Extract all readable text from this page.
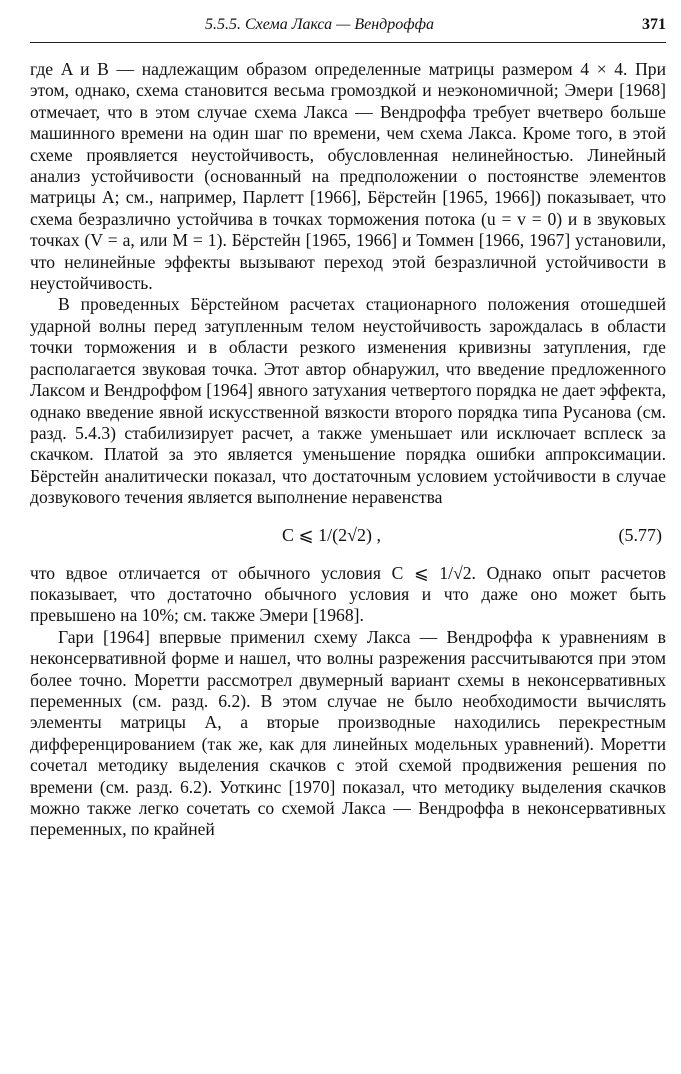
5.5.5. Схема Лакса — Вендроффа	371

где A и B — надлежащим образом определенные матрицы размером 4 × 4. При этом, однако, схема становится весьма громоздкой и неэкономичной; Эмери [1968] отмечает, что в этом случае схема Лакса — Вендроффа требует вчетверо больше машинного времени на один шаг по времени, чем схема Лакса. Кроме того, в этой схеме проявляется неустойчивость, обусловленная нелинейностью. Линейный анализ устойчивости (основанный на предположении о постоянстве элементов матрицы A; см., например, Парлетт [1966], Бёрстейн [1965, 1966]) показывает, что схема безразлично устойчива в точках торможения потока (u = v = 0) и в звуковых точках (V = a, или M = 1). Бёрстейн [1965, 1966] и Томмен [1966, 1967] установили, что нелинейные эффекты вызывают переход этой безразличной устойчивости в неустойчивость.

В проведенных Бёрстейном расчетах стационарного положения отошедшей ударной волны перед затупленным телом неустойчивость зарождалась в области точки торможения и в области резкого изменения кривизны затупления, где располагается звуковая точка. Этот автор обнаружил, что введение предложенного Лаксом и Вендроффом [1964] явного затухания четвертого порядка не дает эффекта, однако введение явной искусственной вязкости второго порядка типа Русанова (см. разд. 5.4.3) стабилизирует расчет, а также уменьшает или исключает всплеск за скачком. Платой за это является уменьшение порядка ошибки аппроксимации. Бёрстейн аналитически показал, что достаточным условием устойчивости в случае дозвукового течения является выполнение неравенства

C ⩽ 1/(2√2) ,	(5.77)

что вдвое отличается от обычного условия C ⩽ 1/√2. Однако опыт расчетов показывает, что достаточно обычного условия и что даже оно может быть превышено на 10%; см. также Эмери [1968].

Гари [1964] впервые применил схему Лакса — Вендроффа к уравнениям в неконсервативной форме и нашел, что волны разрежения рассчитываются при этом более точно. Моретти рассмотрел двумерный вариант схемы в неконсервативных переменных (см. разд. 6.2). В этом случае не было необходимости вычислять элементы матрицы A, а вторые производные находились перекрестным дифференцированием (так же, как для линейных модельных уравнений). Моретти сочетал методику выделения скачков с этой схемой продвижения решения по времени (см. разд. 6.2). Уоткинс [1970] показал, что методику выделения скачков можно также легко сочетать со схемой Лакса — Вендроффа в неконсервативных переменных, по крайней
